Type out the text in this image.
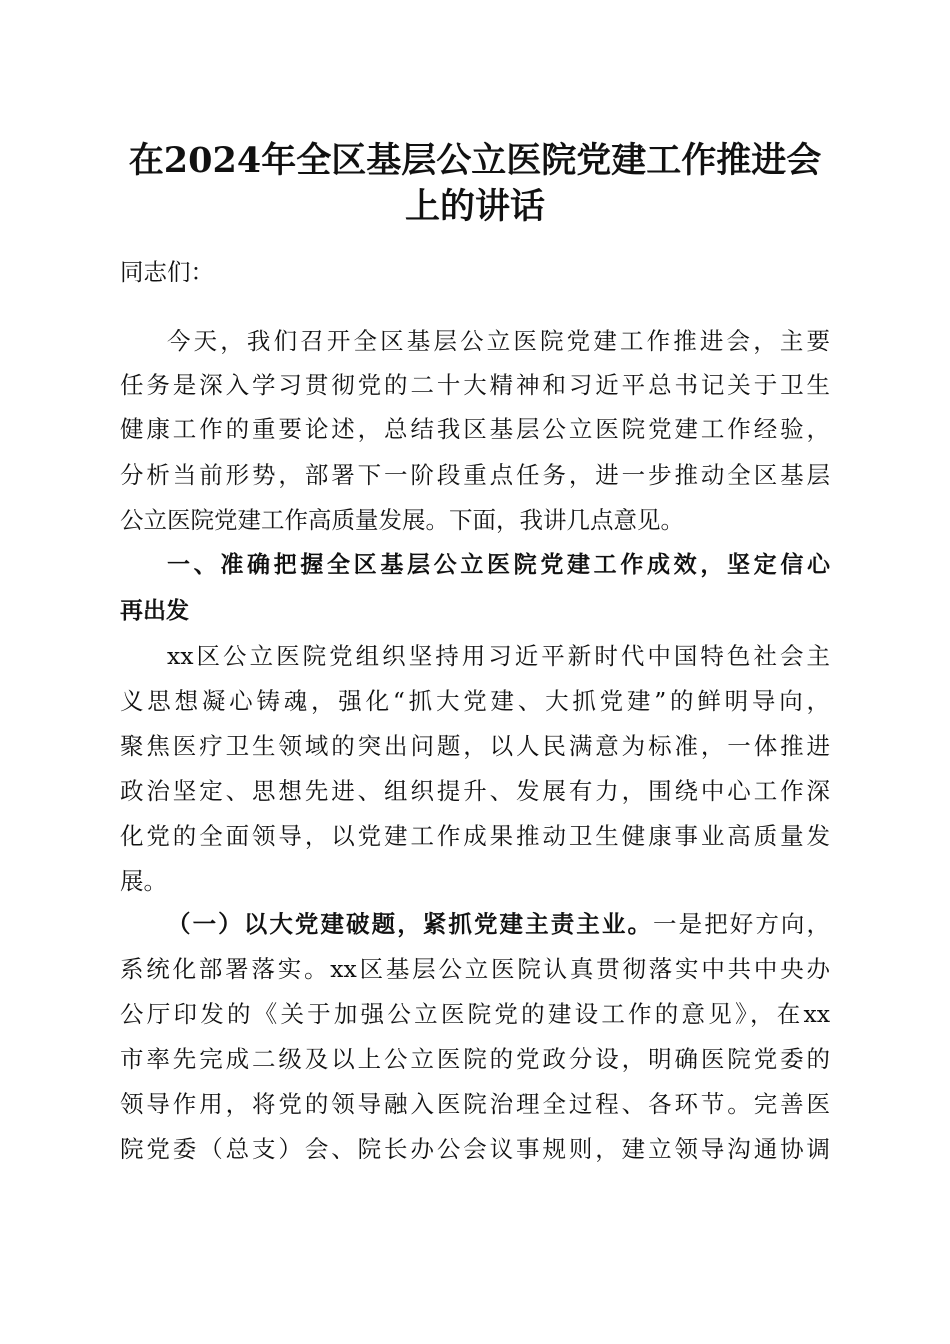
在2024年全区基层公立医院党建工作推进会
上的讲话

同志们：

今天，我们召开全区基层公立医院党建工作推进会，主要

任务是深入学习贯彻党的二十大精神和习近平总书记关于卫生

健康工作的重要论述，总结我区基层公立医院党建工作经验，

分析当前形势，部署下一阶段重点任务，进一步推动全区基层

公立医院党建工作高质量发展。下面，我讲几点意见。

一、准确把握全区基层公立医院党建工作成效，坚定信心

再出发

xx区公立医院党组织坚持用习近平新时代中国特色社会主

义思想凝心铸魂，强化“抓大党建、大抓党建”的鲜明导向，

聚焦医疗卫生领域的突出问题，以人民满意为标准，一体推进

政治坚定、思想先进、组织提升、发展有力，围绕中心工作深

化党的全面领导，以党建工作成果推动卫生健康事业高质量发

展。

（一）以大党建破题，紧抓党建主责主业。一是把好方向，

系统化部署落实。xx区基层公立医院认真贯彻落实中共中央办

公厅印发的《关于加强公立医院党的建设工作的意见》，在xx

市率先完成二级及以上公立医院的党政分设，明确医院党委的

领导作用，将党的领导融入医院治理全过程、各环节。完善医

院党委（总支）会、院长办公会议事规则，建立领导沟通协调
